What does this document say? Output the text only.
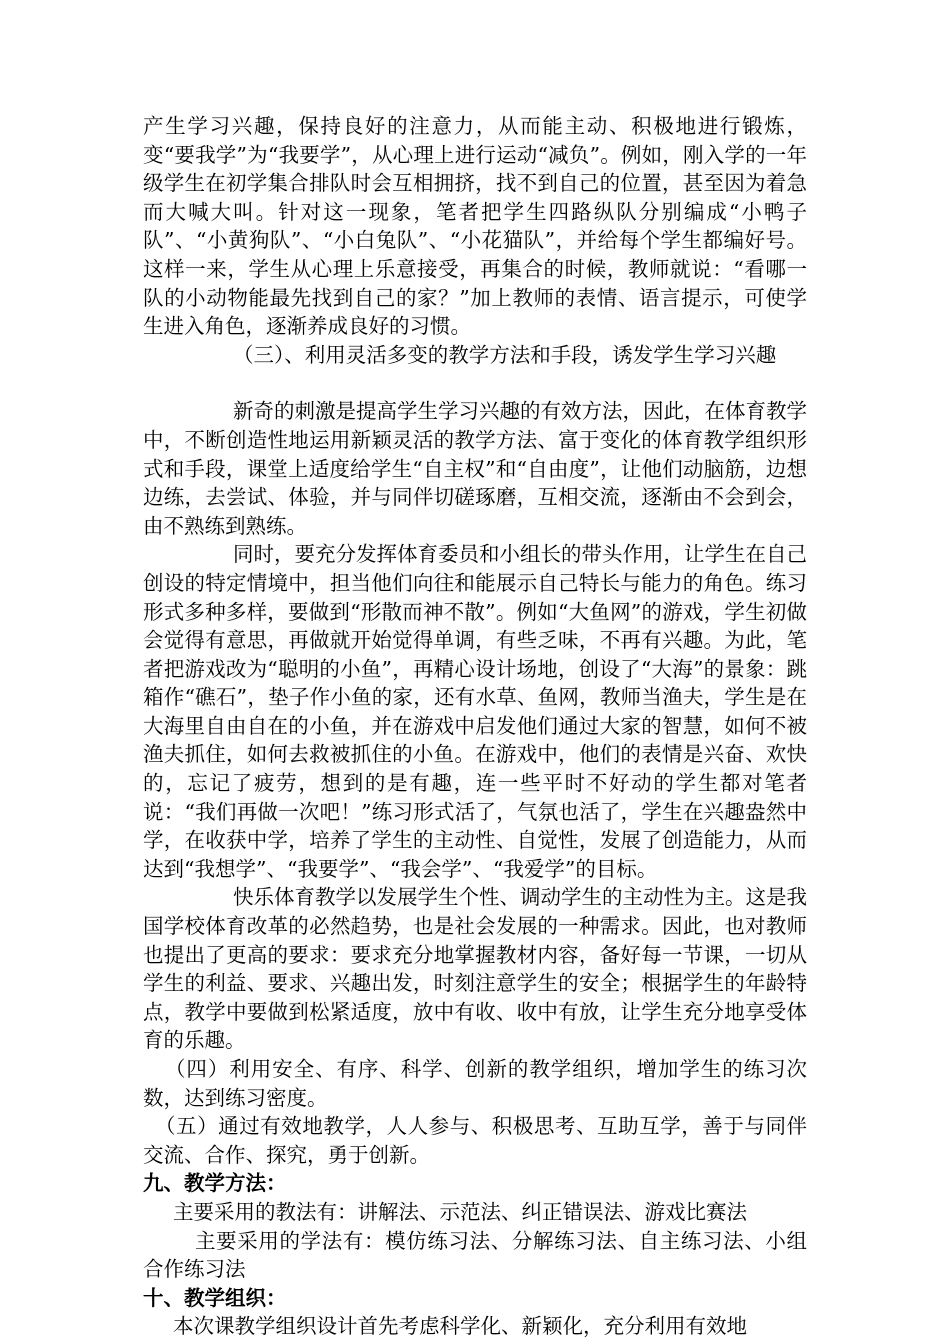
产生学习兴趣，保持良好的注意力，从而能主动、积极地进行锻炼，变“要我学”为“我要学”，从心理上进行运动“减负”。例如，刚入学的一年级学生在初学集合排队时会互相拥挤，找不到自己的位置，甚至因为着急而大喊大叫。针对这一现象，笔者把学生四路纵队分别编成“小鸭子队”、“小黄狗队”、“小白兔队”、“小花猫队”，并给每个学生都编好号。这样一来，学生从心理上乐意接受，再集合的时候，教师就说：“看哪一队的小动物能最先找到自己的家？”加上教师的表情、语言提示，可使学生进入角色，逐渐养成良好的习惯。

（三）、利用灵活多变的教学方法和手段，诱发学生学习兴趣

新奇的刺激是提高学生学习兴趣的有效方法，因此，在体育教学中，不断创造性地运用新颖灵活的教学方法、富于变化的体育教学组织形式和手段，课堂上适度给学生“自主权”和“自由度”，让他们动脑筋，边想边练，去尝试、体验，并与同伴切磋琢磨，互相交流，逐渐由不会到会，由不熟练到熟练。

同时，要充分发挥体育委员和小组长的带头作用，让学生在自己创设的特定情境中，担当他们向往和能展示自己特长与能力的角色。练习形式多种多样，要做到“形散而神不散”。例如“大鱼网”的游戏，学生初做会觉得有意思，再做就开始觉得单调，有些乏味，不再有兴趣。为此，笔者把游戏改为“聪明的小鱼”，再精心设计场地，创设了“大海”的景象：跳箱作“礁石”，垫子作小鱼的家，还有水草、鱼网，教师当渔夫，学生是在大海里自由自在的小鱼，并在游戏中启发他们通过大家的智慧，如何不被渔夫抓住，如何去救被抓住的小鱼。在游戏中，他们的表情是兴奋、欢快的，忘记了疲劳，想到的是有趣，连一些平时不好动的学生都对笔者说：“我们再做一次吧！”练习形式活了，气氛也活了，学生在兴趣盎然中学，在收获中学，培养了学生的主动性、自觉性，发展了创造能力，从而达到“我想学”、“我要学”、“我会学”、“我爱学”的目标。

快乐体育教学以发展学生个性、调动学生的主动性为主。这是我国学校体育改革的必然趋势，也是社会发展的一种需求。因此，也对教师也提出了更高的要求：要求充分地掌握教材内容，备好每一节课，一切从学生的利益、要求、兴趣出发，时刻注意学生的安全；根据学生的年龄特点，教学中要做到松紧适度，放中有收、收中有放，让学生充分地享受体育的乐趣。

（四）利用安全、有序、科学、创新的教学组织，增加学生的练习次数，达到练习密度。

（五）通过有效地教学，人人参与、积极思考、互助互学，善于与同伴交流、合作、探究，勇于创新。

九、教学方法：

主要采用的教法有：讲解法、示范法、纠正错误法、游戏比赛法

主要采用的学法有：模仿练习法、分解练习法、自主练习法、小组合作练习法

十、教学组织：

本次课教学组织设计首先考虑科学化、新颖化，充分利用有效地
